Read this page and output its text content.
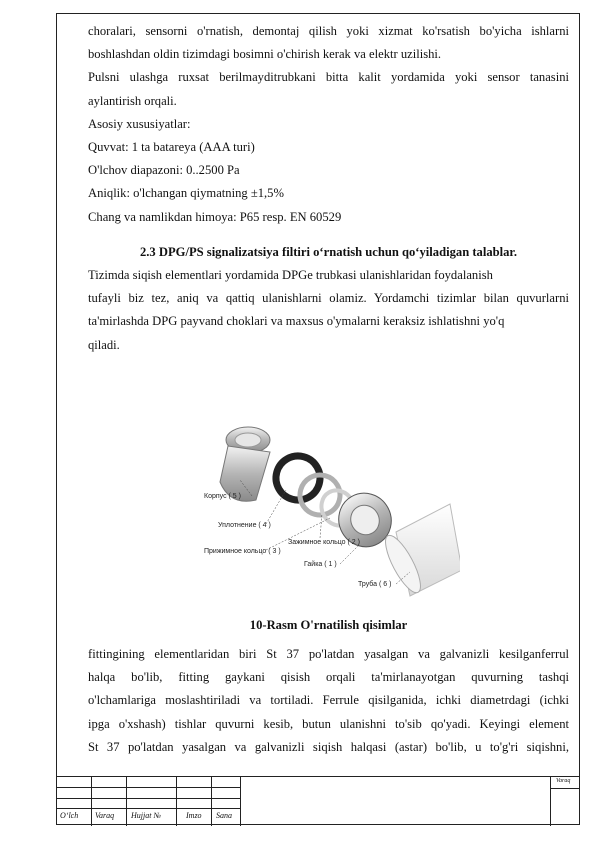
choralari, sensorni o'rnatish, demontaj qilish yoki xizmat ko'rsatish bo'yicha ishlarni

boshlashdan oldin tizimdagi bosimni o'chirish kerak va elektr uzilishi.

Pulsni ulashga ruxsat berilmayditrubkani bitta kalit yordamida yoki sensor tanasini

aylantirish orqali.

Asosiy xususiyatlar:

Quvvat: 1 ta batareya (AAA turi)

O'lchov diapazoni: 0..2500 Pa

Aniqlik: o'lchangan qiymatning ±1,5%

Chang va namlikdan himoya: P65 resp. EN 60529

2.3 DPG/PS signalizatsiya filtiri o‘rnatish uchun qo‘yiladigan talablar.

Tizimda siqish elementlari yordamida DPGe trubkasi ulanishlaridan foydalanish

tufayli biz tez, aniq va qattiq ulanishlarni olamiz. Yordamchi tizimlar bilan quvurlarni

ta'mirlashda DPG payvand choklari va maxsus o'ymalarni keraksiz ishlatishni yo'q

qiladi.

Корпус ( 5 )
Уплотнение ( 4 )
Зажимное кольцо ( 2 )
Прижимное кольцо ( 3 )
Гайка ( 1 )
Труба ( 6 )
10-Rasm O'rnatilish qisimlar

fittingining elementlaridan biri St 37 po'latdan yasalgan va galvanizli kesilganferrul

halqa bo'lib, fitting gaykani qisish orqali ta'mirlanayotgan quvurning tashqi

o'lchamlariga moslashtiriladi va tortiladi. Ferrule qisilganida, ichki diametrdagi (ichki

ipga o'xshash) tishlar quvurni kesib, butun ulanishni to'sib qo'yadi. Keyingi element

St 37 po'latdan yasalgan va galvanizli siqish halqasi (astar) bo'lib, u to'g'ri siqishni,

O‘lch Varaq Hujjat №	Imzo Sana
Varaq
